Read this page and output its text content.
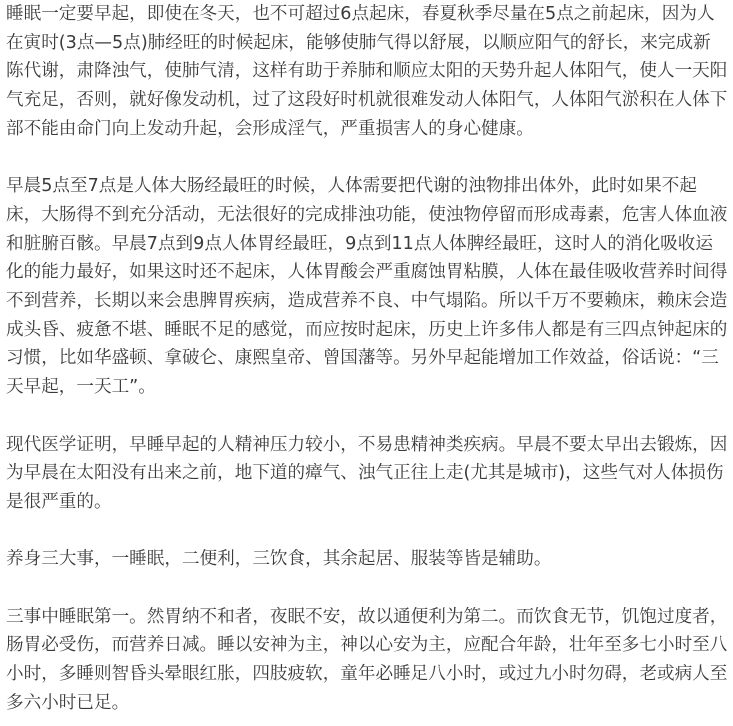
睡眠一定要早起，即使在冬天，也不可超过6点起床，春夏秋季尽量在5点之前起床，因为人在寅时(3点—5点)肺经旺的时候起床，能够使肺气得以舒展，以顺应阳气的舒长，来完成新陈代谢，肃降浊气，使肺气清，这样有助于养肺和顺应太阳的天势升起人体阳气，使人一天阳气充足，否则，就好像发动机，过了这段好时机就很难发动人体阳气，人体阳气淤积在人体下部不能由命门向上发动升起，会形成淫气，严重损害人的身心健康。

早晨5点至7点是人体大肠经最旺的时候，人体需要把代谢的浊物排出体外，此时如果不起床，大肠得不到充分活动，无法很好的完成排浊功能，使浊物停留而形成毒素，危害人体血液和脏腑百骸。早晨7点到9点人体胃经最旺，9点到11点人体脾经最旺，这时人的消化吸收运化的能力最好，如果这时还不起床，人体胃酸会严重腐蚀胃粘膜，人体在最佳吸收营养时间得不到营养，长期以来会患脾胃疾病，造成营养不良、中气塌陷。所以千万不要赖床，赖床会造成头昏、疲惫不堪、睡眠不足的感觉，而应按时起床，历史上许多伟人都是有三四点钟起床的习惯，比如华盛顿、拿破仑、康熙皇帝、曾国藩等。另外早起能增加工作效益，俗话说：“三天早起，一天工”。

现代医学证明，早睡早起的人精神压力较小，不易患精神类疾病。早晨不要太早出去锻炼，因为早晨在太阳没有出来之前，地下道的瘴气、浊气正往上走(尤其是城市)，这些气对人体损伤是很严重的。

养身三大事，一睡眠，二便利，三饮食，其余起居、服装等皆是辅助。

三事中睡眠第一。然胃纳不和者，夜眠不安，故以通便利为第二。而饮食无节，饥饱过度者，肠胃必受伤，而营养日减。睡以安神为主，神以心安为主，应配合年龄，壮年至多七小时至八小时，多睡则智昏头晕眼红胀，四肢疲软，童年必睡足八小时，或过九小时勿碍，老或病人至多六小时已足。
